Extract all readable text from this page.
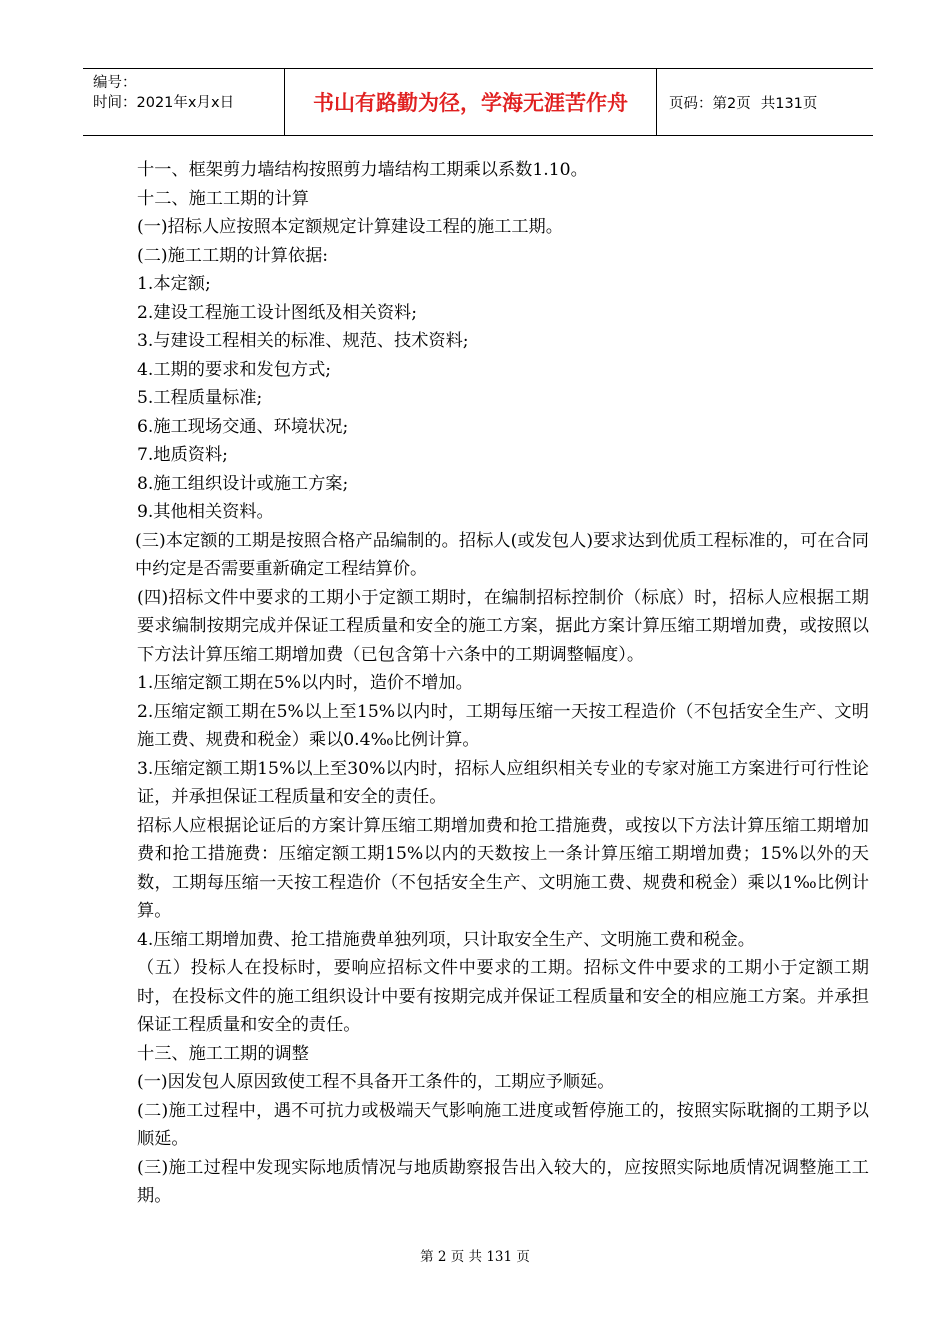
编号：
时间：2021年x月x日	书山有路勤为径，学海无涯苦作舟	页码：第2页 共131页

十一、框架剪力墙结构按照剪力墙结构工期乘以系数1.10。

十二、施工工期的计算

(一)招标人应按照本定额规定计算建设工程的施工工期。

(二)施工工期的计算依据:

1.本定额;

2.建设工程施工设计图纸及相关资料;

3.与建设工程相关的标准、规范、技术资料;

4.工期的要求和发包方式;

5.工程质量标准;

6.施工现场交通、环境状况;

7.地质资料;

8.施工组织设计或施工方案;

9.其他相关资料。

(三)本定额的工期是按照合格产品编制的。招标人(或发包人)要求达到优质工程标准的，可在合同中约定是否需要重新确定工程结算价。

(四)招标文件中要求的工期小于定额工期时，在编制招标控制价（标底）时，招标人应根据工期要求编制按期完成并保证工程质量和安全的施工方案，据此方案计算压缩工期增加费，或按照以下方法计算压缩工期增加费（已包含第十六条中的工期调整幅度）。

1.压缩定额工期在5%以内时，造价不增加。

2.压缩定额工期在5%以上至15%以内时，工期每压缩一天按工程造价（不包括安全生产、文明施工费、规费和税金）乘以0.4‰比例计算。

3.压缩定额工期15%以上至30%以内时，招标人应组织相关专业的专家对施工方案进行可行性论证，并承担保证工程质量和安全的责任。

招标人应根据论证后的方案计算压缩工期增加费和抢工措施费，或按以下方法计算压缩工期增加费和抢工措施费：压缩定额工期15%以内的天数按上一条计算压缩工期增加费；15%以外的天数，工期每压缩一天按工程造价（不包括安全生产、文明施工费、规费和税金）乘以1‰比例计算。

4.压缩工期增加费、抢工措施费单独列项，只计取安全生产、文明施工费和税金。

（五）投标人在投标时，要响应招标文件中要求的工期。招标文件中要求的工期小于定额工期时，在投标文件的施工组织设计中要有按期完成并保证工程质量和安全的相应施工方案。并承担保证工程质量和安全的责任。

十三、施工工期的调整

(一)因发包人原因致使工程不具备开工条件的，工期应予顺延。

(二)施工过程中，遇不可抗力或极端天气影响施工进度或暂停施工的，按照实际耽搁的工期予以顺延。

(三)施工过程中发现实际地质情况与地质勘察报告出入较大的，应按照实际地质情况调整施工工期。

第 2 页 共 131 页
